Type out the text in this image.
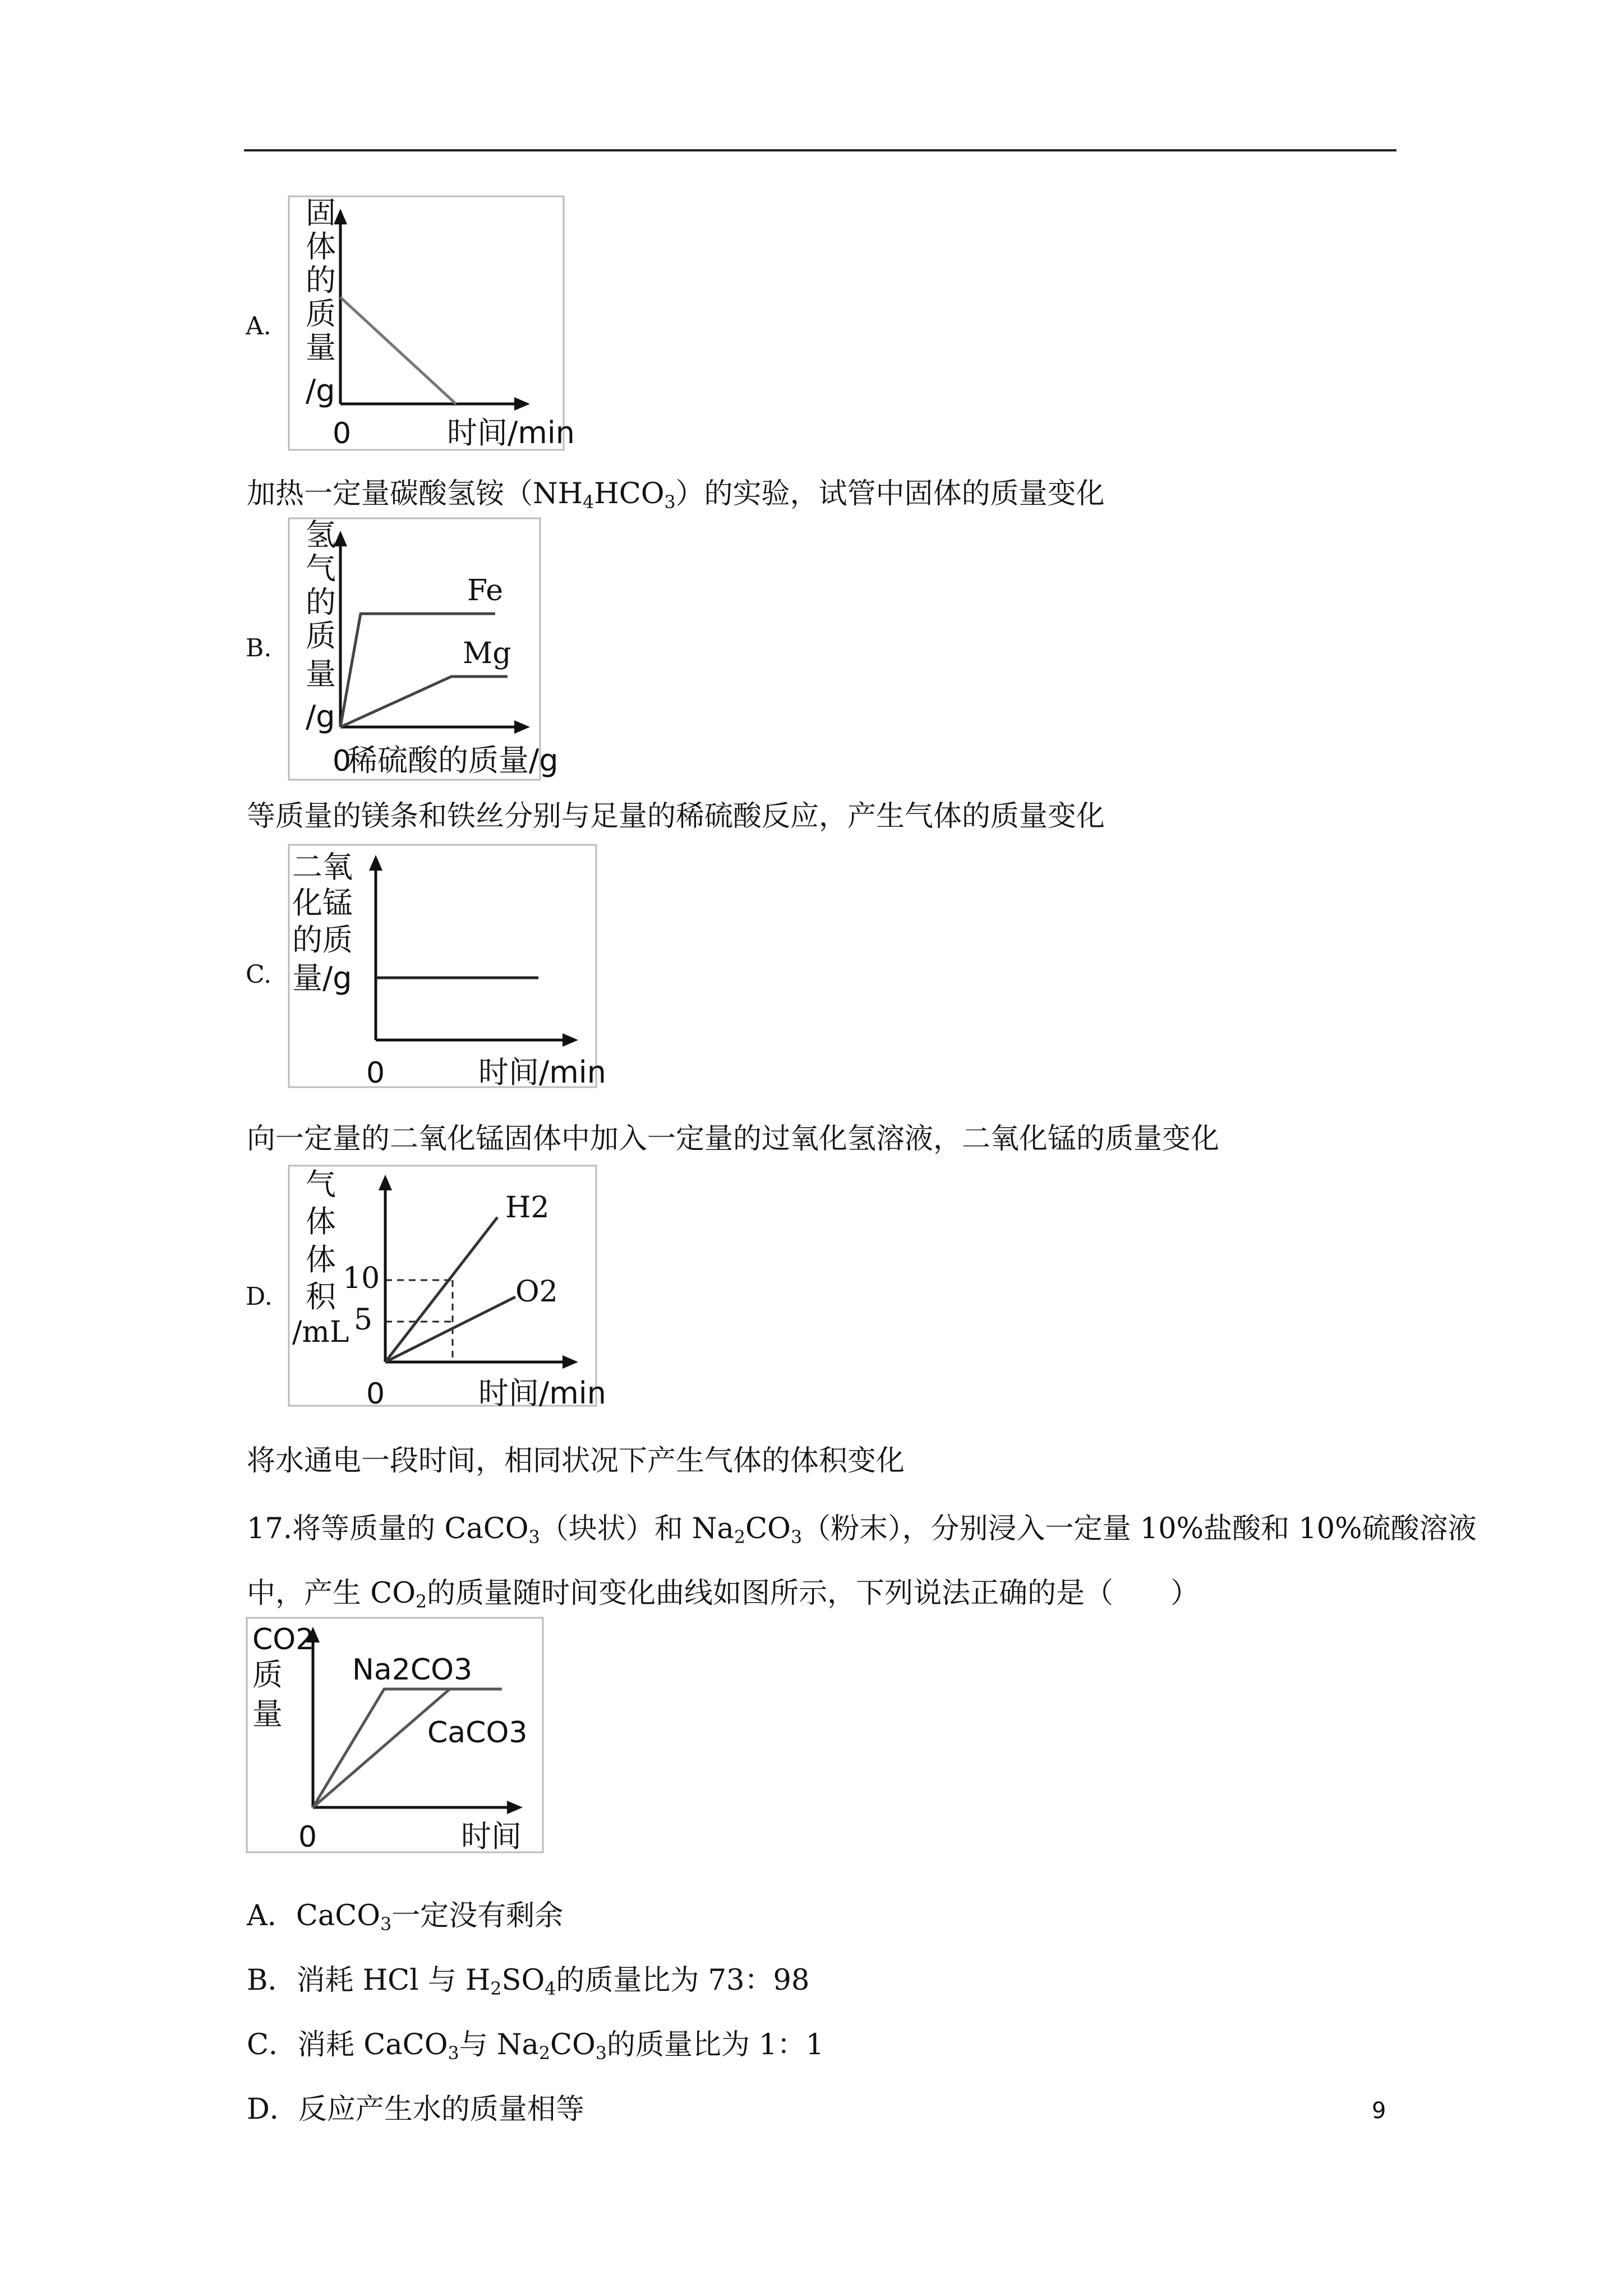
A.
固
体
的
质
量
/g
0	时间/min
加热一定量碳酸氢铵$(NH_4HCO_3)$的实验，试管中固体的质量变化
B.
Fe
Mg
氢
气
的
质
量
/g
0
稀硫酸的质量/g
等质量的镁条和铁丝分别与足量的稀硫酸反应，产生气体的质量变化
C.
二氧
化锰
的质
量/g
0	时间/min
向一定量的二氧化锰固体中加入一定量的过氧化氢溶液，二氧化锰的质量变化
D.
H2
O2
10
5
气
体
体
积
/mL
0	时间/min
将水通电一段时间，相同状况下产生气体的体积变化
17.将等质量的 CaCO$_3$（块状）和 $Na_2CO_3$（粉末），分别浸入一定量 10%盐酸和 10%硫酸溶液
中，产生 $CO_2$的质量随时间变化曲线如图所示，下列说法正确的是（　　）
Na2CO3
CaCO3
CO2
质
量
0	时间
A．CaCO$_3$一定没有剩余
B．消耗 HCl 与 $H_2SO_4$的质量比为 73：98
C．消耗 CaCO$_3$与 $Na_2CO_3$的质量比为 1：1
D．反应产生水的质量相等	9
